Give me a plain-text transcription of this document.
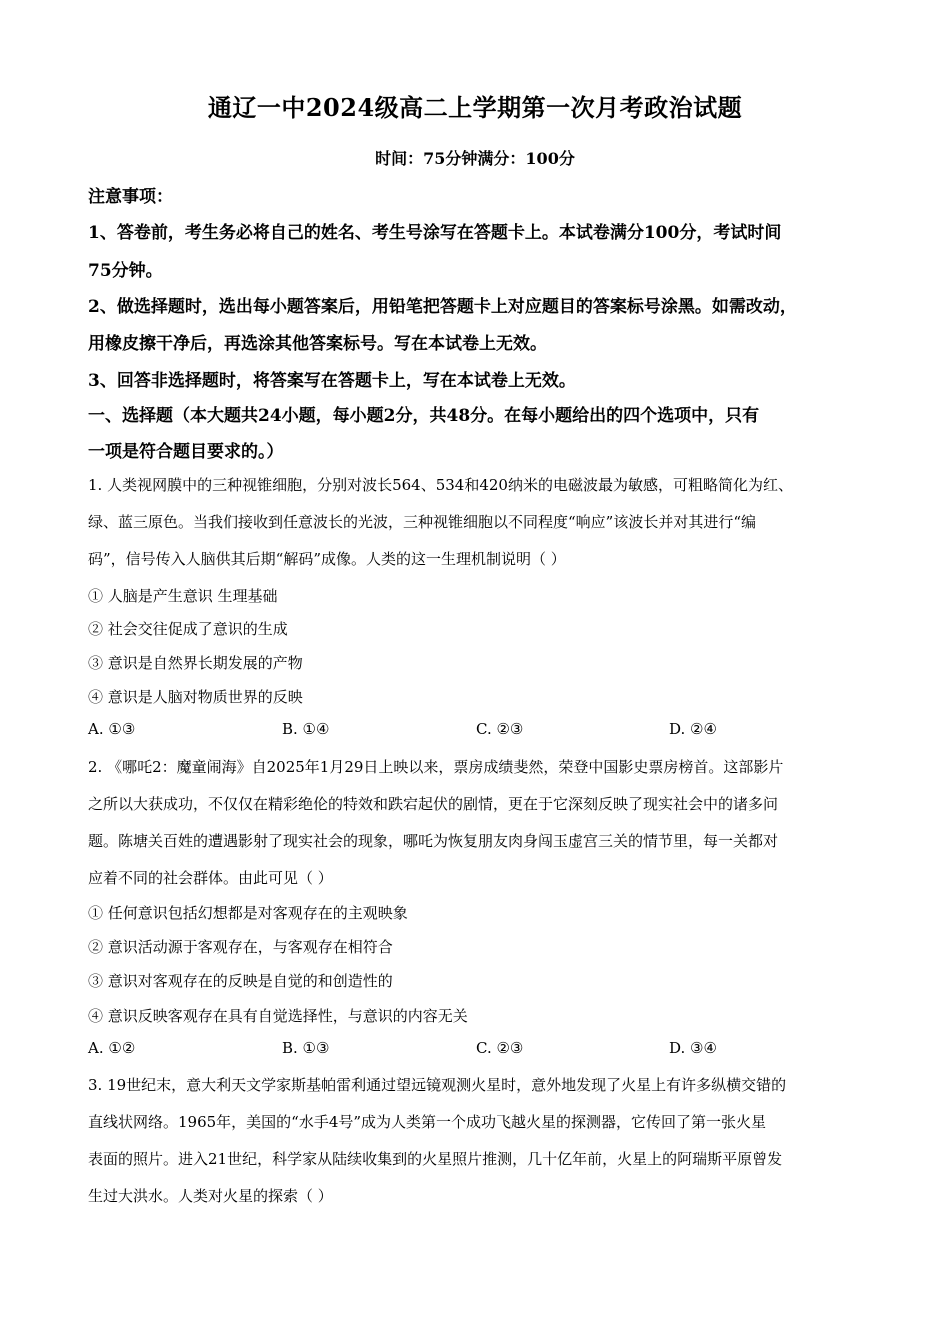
通辽一中2024级高二上学期第一次月考政治试题
时间：75分钟满分：100分
注意事项：
1、答卷前，考生务必将自己的姓名、考生号涂写在答题卡上。本试卷满分100分，考试时间
75分钟。
2、做选择题时，选出每小题答案后，用铅笔把答题卡上对应题目的答案标号涂黑。如需改动，
用橡皮擦干净后，再选涂其他答案标号。写在本试卷上无效。
3、回答非选择题时，将答案写在答题卡上，写在本试卷上无效。
一、选择题（本大题共24小题，每小题2分，共48分。在每小题给出的四个选项中，只有
一项是符合题目要求的。）
1. 人类视网膜中的三种视锥细胞，分别对波长564、534和420纳米的电磁波最为敏感，可粗略简化为红、
绿、蓝三原色。当我们接收到任意波长的光波，三种视锥细胞以不同程度“响应”该波长并对其进行“编
码”，信号传入人脑供其后期“解码”成像。人类的这一生理机制说明（ ）
① 人脑是产生意识 生理基础
② 社会交往促成了意识的生成
③ 意识是自然界长期发展的产物
④ 意识是人脑对物质世界的反映
A. ①③	B. ①④	C. ②③	D. ②④
2. 《哪吒2：魔童闹海》自2025年1月29日上映以来，票房成绩斐然，荣登中国影史票房榜首。这部影片
之所以大获成功，不仅仅在精彩绝伦的特效和跌宕起伏的剧情，更在于它深刻反映了现实社会中的诸多问
题。陈塘关百姓的遭遇影射了现实社会的现象，哪吒为恢复朋友肉身闯玉虚宫三关的情节里，每一关都对
应着不同的社会群体。由此可见（ ）
① 任何意识包括幻想都是对客观存在的主观映象
② 意识活动源于客观存在，与客观存在相符合
③ 意识对客观存在的反映是自觉的和创造性的
④ 意识反映客观存在具有自觉选择性，与意识的内容无关
A. ①②	B. ①③	C. ②③	D. ③④
3. 19世纪末，意大利天文学家斯基帕雷利通过望远镜观测火星时，意外地发现了火星上有许多纵横交错的
直线状网络。1965年，美国的“水手4号”成为人类第一个成功飞越火星的探测器，它传回了第一张火星
表面的照片。进入21世纪，科学家从陆续收集到的火星照片推测，几十亿年前，火星上的阿瑞斯平原曾发
生过大洪水。人类对火星的探索（ ）
